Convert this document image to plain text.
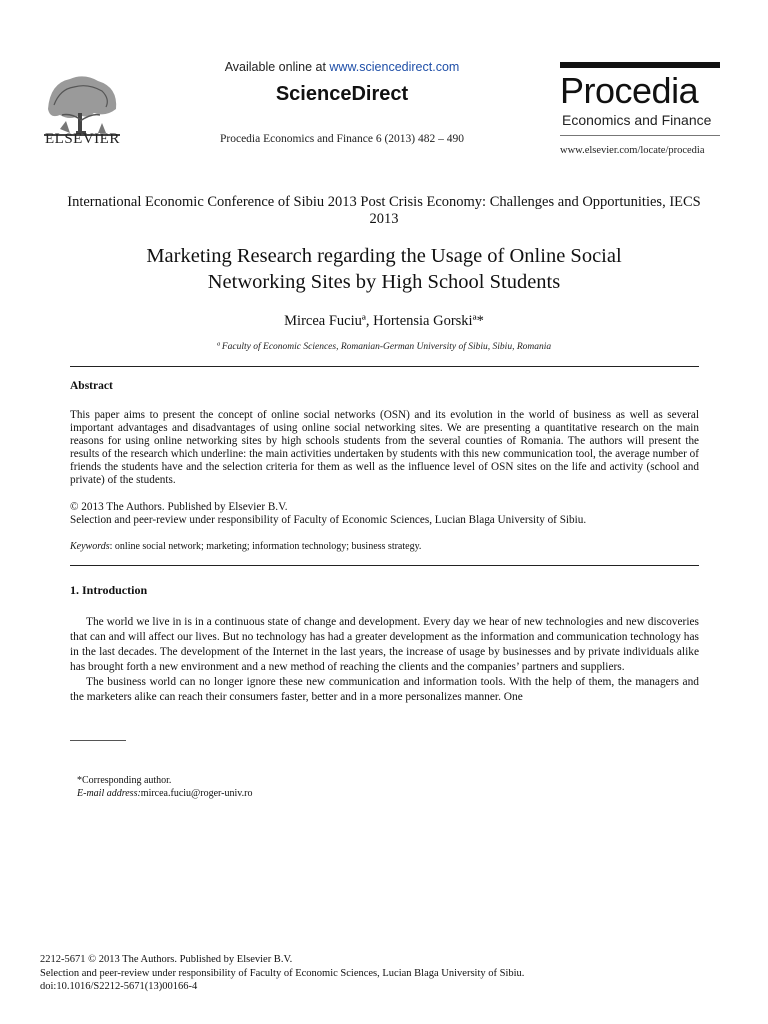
ELSEVIER
Available online at www.sciencedirect.com
ScienceDirect
Procedia Economics and Finance 6 (2013) 482 – 490
Procedia
Economics and Finance
www.elsevier.com/locate/procedia
International Economic Conference of Sibiu 2013 Post Crisis Economy: Challenges and Opportunities, IECS 2013
Marketing Research regarding the Usage of Online Social
Networking Sites by High School Students
Mircea Fuciuª, Hortensia Gorskiª*
ª Faculty of Economic Sciences, Romanian-German University of Sibiu, Sibiu, Romania
Abstract
This paper aims to present the concept of online social networks (OSN) and its evolution in the world of business as well as several important advantages and disadvantages of using online social networking sites. We are presenting a quantitative research on the main reasons for using online networking sites by high schools students from the several counties of Romania. The authors will present the results of the research which underline: the main activities undertaken by students with this new communication tool, the average number of friends the students have and the selection criteria for them as well as the influence level of OSN sites on the life and activity (school and private) of the students.
© 2013 The Authors. Published by Elsevier B.V.
Selection and peer-review under responsibility of Faculty of Economic Sciences, Lucian Blaga University of Sibiu.
Keywords: online social network; marketing; information technology; business strategy.
1. Introduction

The world we live in is in a continuous state of change and development. Every day we hear of new technologies and new discoveries that can and will affect our lives. But no technology has had a greater development as the information and communication technology has in the last decades. The development of the Internet in the last years, the increase of usage by businesses and by private individuals alike has brought forth a new environment and a new method of reaching the clients and the companies’ partners and suppliers.

The business world can no longer ignore these new communication and information tools. With the help of them, the managers and the marketers alike can reach their consumers faster, better and in a more personalizes manner. One

*Corresponding author.
E-mail address:mircea.fuciu@roger-univ.ro
2212-5671 © 2013 The Authors. Published by Elsevier B.V.
Selection and peer-review under responsibility of Faculty of Economic Sciences, Lucian Blaga University of Sibiu.
doi:10.1016/S2212-5671(13)00166-4
